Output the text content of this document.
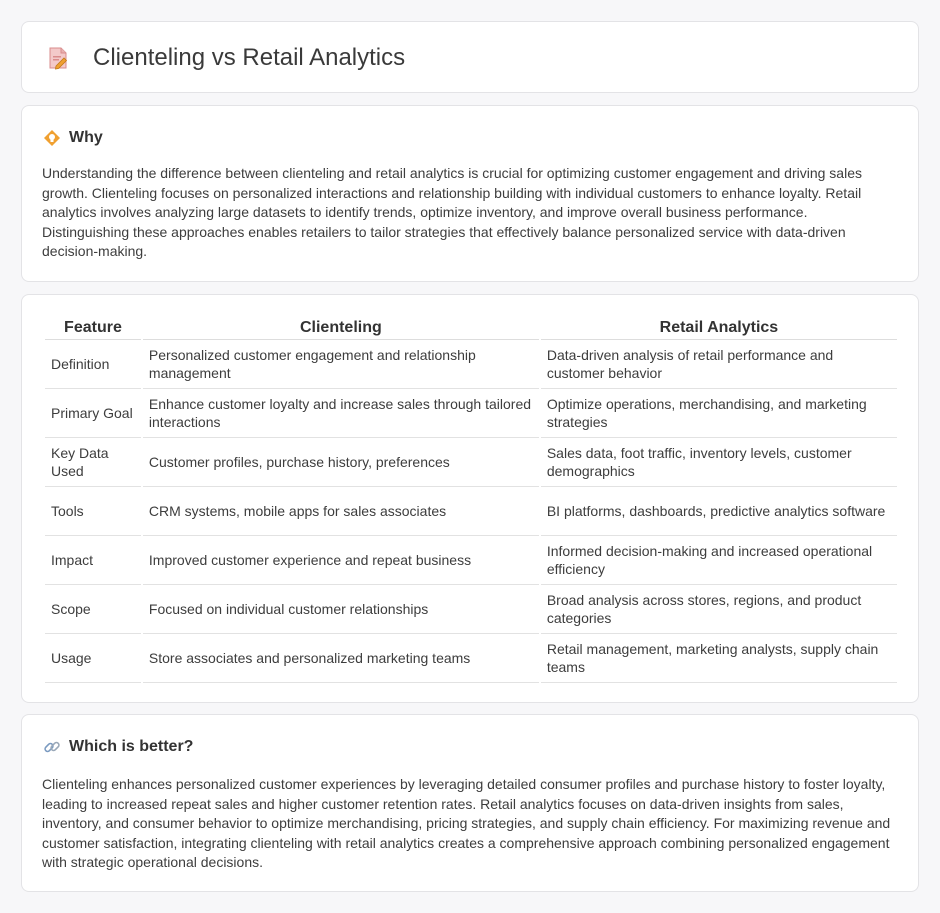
Clienteling vs Retail Analytics
Why

Understanding the difference between clienteling and retail analytics is crucial for optimizing customer engagement and driving sales growth. Clienteling focuses on personalized interactions and relationship building with individual customers to enhance loyalty. Retail analytics involves analyzing large datasets to identify trends, optimize inventory, and improve overall business performance. Distinguishing these approaches enables retailers to tailor strategies that effectively balance personalized service with data-driven decision-making.

Feature	Clienteling	Retail Analytics
Definition	Personalized customer engagement and relationship management	Data-driven analysis of retail performance and customer behavior
Primary Goal	Enhance customer loyalty and increase sales through tailored interactions	Optimize operations, merchandising, and marketing strategies
Key Data Used	Customer profiles, purchase history, preferences	Sales data, foot traffic, inventory levels, customer demographics
Tools	CRM systems, mobile apps for sales associates	BI platforms, dashboards, predictive analytics software
Impact	Improved customer experience and repeat business	Informed decision-making and increased operational efficiency
Scope	Focused on individual customer relationships	Broad analysis across stores, regions, and product categories
Usage	Store associates and personalized marketing teams	Retail management, marketing analysts, supply chain teams
Which is better?

Clienteling enhances personalized customer experiences by leveraging detailed consumer profiles and purchase history to foster loyalty, leading to increased repeat sales and higher customer retention rates. Retail analytics focuses on data-driven insights from sales, inventory, and consumer behavior to optimize merchandising, pricing strategies, and supply chain efficiency. For maximizing revenue and customer satisfaction, integrating clienteling with retail analytics creates a comprehensive approach combining personalized engagement with strategic operational decisions.
